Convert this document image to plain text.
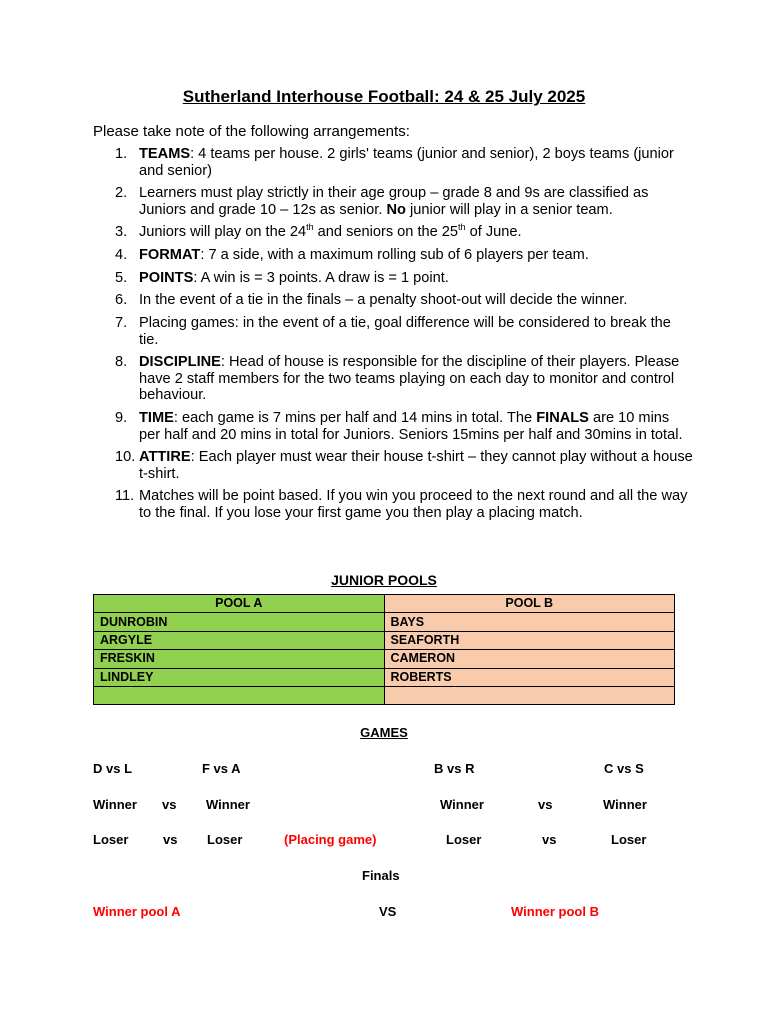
Sutherland Interhouse Football: 24 & 25 July 2025
Please take note of the following arrangements:
1. TEAMS: 4 teams per house. 2 girls' teams (junior and senior), 2 boys teams (junior and senior)
2. Learners must play strictly in their age group – grade 8 and 9s are classified as Juniors and grade 10 – 12s as senior. No junior will play in a senior team.
3. Juniors will play on the 24th and seniors on the 25th of June.
4. FORMAT: 7 a side, with a maximum rolling sub of 6 players per team.
5. POINTS: A win is = 3 points. A draw is = 1 point.
6. In the event of a tie in the finals – a penalty shoot-out will decide the winner.
7. Placing games: in the event of a tie, goal difference will be considered to break the tie.
8. DISCIPLINE: Head of house is responsible for the discipline of their players. Please have 2 staff members for the two teams playing on each day to monitor and control behaviour.
9. TIME: each game is 7 mins per half and 14 mins in total. The FINALS are 10 mins per half and 20 mins in total for Juniors. Seniors 15mins per half and 30mins in total.
10. ATTIRE: Each player must wear their house t-shirt – they cannot play without a house t-shirt.
11. Matches will be point based. If you win you proceed to the next round and all the way to the final. If you lose your first game you then play a placing match.
JUNIOR POOLS
POOL A	POOL B
DUNROBIN	BAYS
ARGYLE	SEAFORTH
FRESKIN	CAMERON
LINDLEY	ROBERTS

GAMES
D vs L	F vs A	B vs R	C vs S
Winner vs Winner	Winner	vs	Winner
Loser	vs Loser	(Placing game)	Loser	vs	Loser
Finals
Winner pool A	VS	Winner pool B
